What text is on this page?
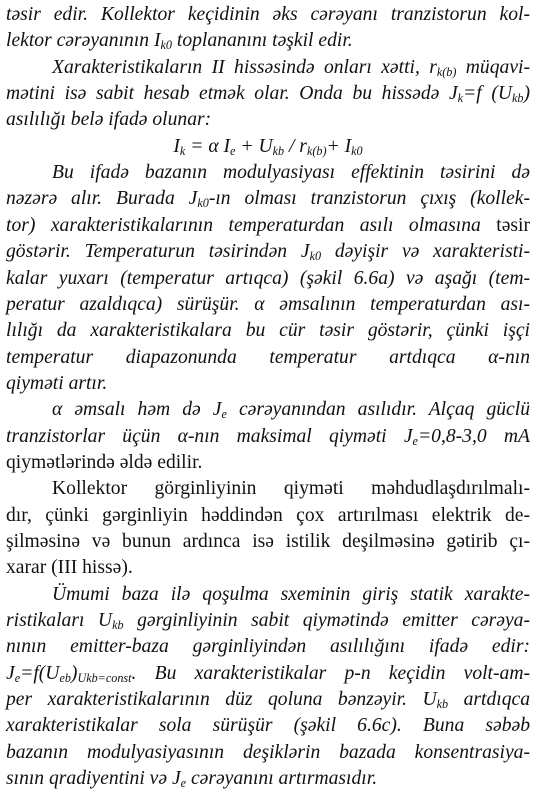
təsir edir. Kollektor keçidinin əks cərəyanı tranzistorun kol-
lektor cərəyanının $I_{k0}$ toplananını təşkil edir.
Xarakteristikaların II hissəsində onları xətti, $r_{k(b)}$ müqavi-
mətini isə sabit hesab etmək olar. Onda bu hissədə $J_k=f$ $(U_{kb})$
asılılığı belə ifadə olunar:
$I_k = \alpha$ $I_e + U_{kb} / r_{k(b)}+ I_{k0}$
Bu ifadə bazanın modulyasiyası effektinin təsirini də
nəzərə alır. Burada $J_{k0}-ın$ olması tranzistorun çıxış (kollek-
tor) xarakteristikalarının temperaturdan asılı olmasına təsir
göstərir. Temperaturun təsirindən $J_{k0}$ dəyişir və xarakteristi-
kalar yuxarı (temperatur artıqca) (şəkil 6.6a) və aşağı (tem-
peratur azaldıqca) sürüşür. α əmsalının temperaturdan ası-
lılığı da xarakteristikalara bu cür təsir göstərir, çünki işçi
temperatur diapazonunda temperatur artdıqca α-nın
qiyməti artır.
α əmsalı həm də $J_e$ cərəyanından asılıdır. Alçaq güclü
tranzistorlar üçün α-nın maksimal qiyməti $J_e=0,8-3,0$ mA
qiymətlərində əldə edilir.
Kollektor görginliyinin qiyməti məhdudlaşdırılmalı-
dır, çünki gərginliyin həddindən çox artırılması elektrik de-
şilməsinə və bunun ardınca isə istilik deşilməsinə gətirib çı-
xarar (III hissə).
Ümumi baza ilə qoşulma sxeminin giriş statik xarakte-
ristikaları $U_{kb}$ gərginliyinin sabit qiymətində emitter cərəya-
nının emitter-baza gərginliyindən asılılığını ifadə edir:
$J_e=f(U_{eb})_{Ukb=const}$. Bu xarakteristikalar p-n keçidin volt-am-
per xarakteristikalarının düz qoluna bənzəyir. $U_{kb}$ artdıqca
xarakteristikalar sola sürüşür (şəkil 6.6c). Buna səbəb
bazanın modulyasiyasının deşiklərin bazada konsentrasiya-
sının qradiyentini və $J_e$ cərəyanını artırmasıdır.
